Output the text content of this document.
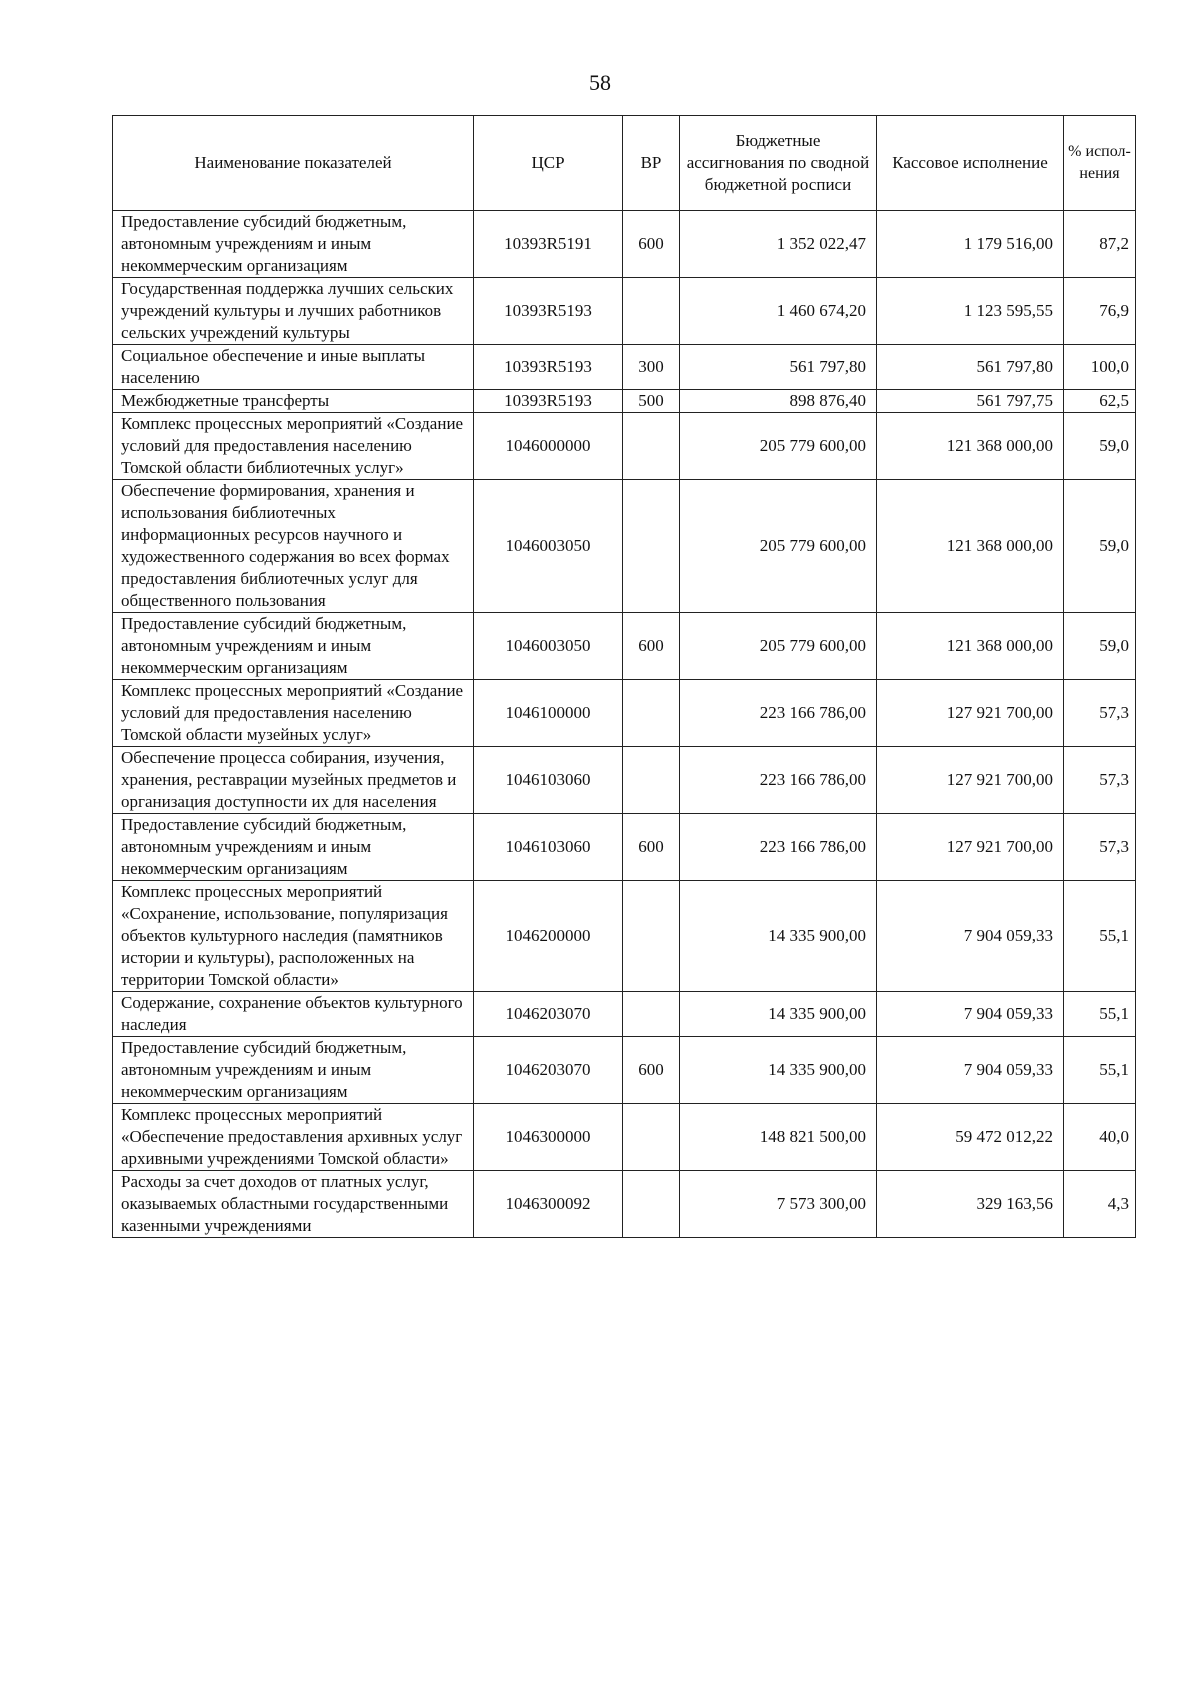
58
Наименование показателей	ЦСР	ВР	Бюджетные ассигнования по сводной бюджетной росписи	Кассовое исполнение	% испол-нения
Предоставление субсидий бюджетным, автономным учреждениям и иным некоммерческим организациям	10393R5191	600	1 352 022,47	1 179 516,00	87,2
Государственная поддержка лучших сельских учреждений культуры и лучших работников сельских учреждений культуры	10393R5193		1 460 674,20	1 123 595,55	76,9
Социальное обеспечение и иные выплаты населению	10393R5193	300	561 797,80	561 797,80	100,0
Межбюджетные трансферты	10393R5193	500	898 876,40	561 797,75	62,5
Комплекс процессных мероприятий «Создание условий для предоставления населению Томской области библиотечных услуг»	1046000000		205 779 600,00	121 368 000,00	59,0
Обеспечение формирования, хранения и использования библиотечных информационных ресурсов научного и художественного содержания во всех формах предоставления библиотечных услуг для общественного пользования	1046003050		205 779 600,00	121 368 000,00	59,0
Предоставление субсидий бюджетным, автономным учреждениям и иным некоммерческим организациям	1046003050	600	205 779 600,00	121 368 000,00	59,0
Комплекс процессных мероприятий «Создание условий для предоставления населению Томской области музейных услуг»	1046100000		223 166 786,00	127 921 700,00	57,3
Обеспечение процесса собирания, изучения, хранения, реставрации музейных предметов и организация доступности их для населения	1046103060		223 166 786,00	127 921 700,00	57,3
Предоставление субсидий бюджетным, автономным учреждениям и иным некоммерческим организациям	1046103060	600	223 166 786,00	127 921 700,00	57,3
Комплекс процессных мероприятий «Сохранение, использование, популяризация объектов культурного наследия (памятников истории и культуры), расположенных на территории Томской области»	1046200000		14 335 900,00	7 904 059,33	55,1
Содержание, сохранение объектов культурного наследия	1046203070		14 335 900,00	7 904 059,33	55,1
Предоставление субсидий бюджетным, автономным учреждениям и иным некоммерческим организациям	1046203070	600	14 335 900,00	7 904 059,33	55,1
Комплекс процессных мероприятий «Обеспечение предоставления архивных услуг архивными учреждениями Томской области»	1046300000		148 821 500,00	59 472 012,22	40,0
Расходы за счет доходов от платных услуг, оказываемых областными государственными казенными учреждениями	1046300092		7 573 300,00	329 163,56	4,3
